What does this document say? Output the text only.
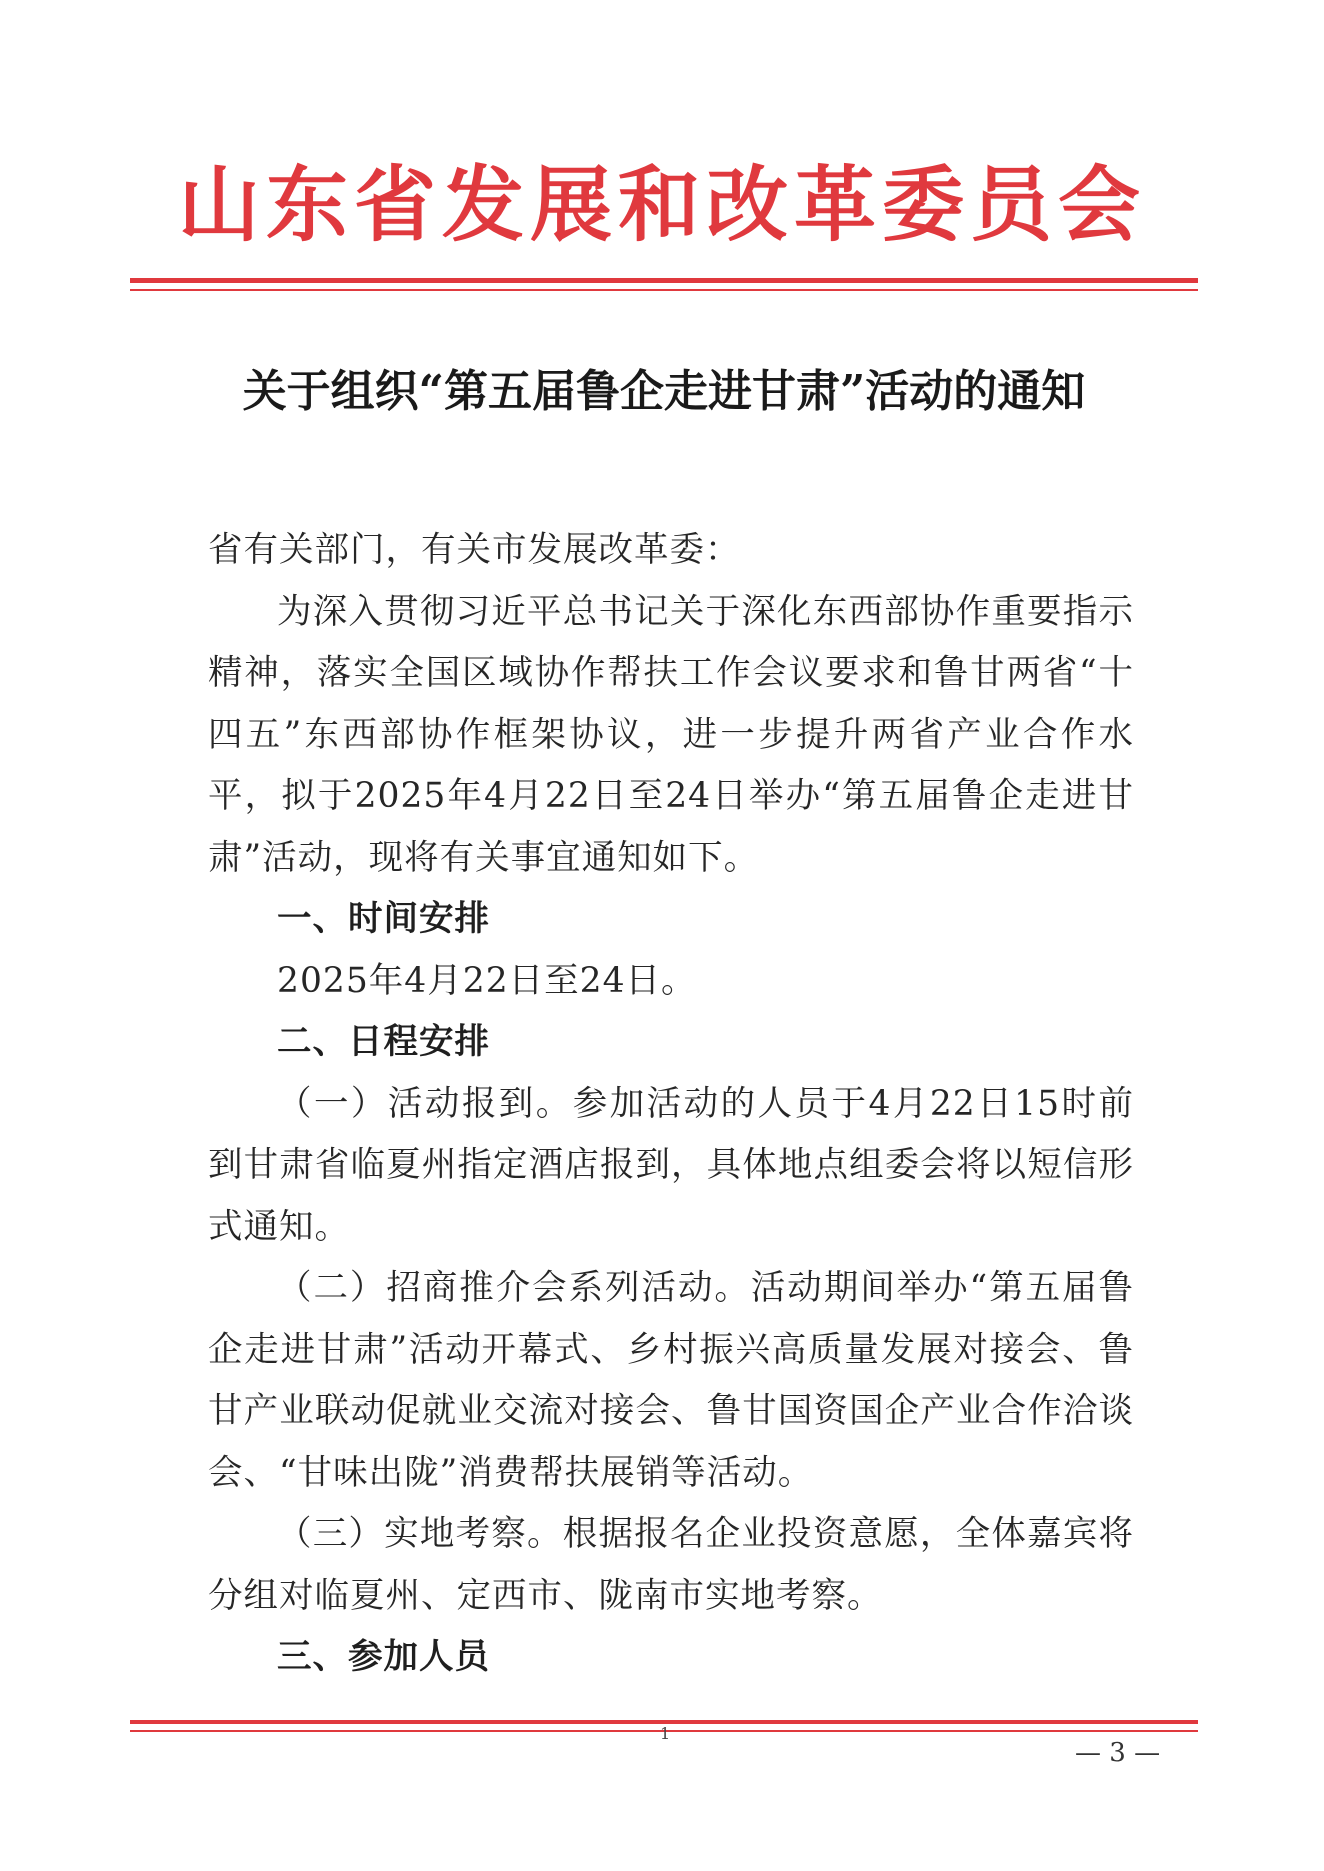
山东省发展和改革委员会
关于组织“第五届鲁企走进甘肃”活动的通知

省有关部门，有关市发展改革委：

为深入贯彻习近平总书记关于深化东西部协作重要指示精神，落实全国区域协作帮扶工作会议要求和鲁甘两省“十四五”东西部协作框架协议，进一步提升两省产业合作水平，拟于2025年4月22日至24日举办“第五届鲁企走进甘肃”活动，现将有关事宜通知如下。

一、时间安排

2025年4月22日至24日。

二、日程安排

（一）活动报到。参加活动的人员于4月22日15时前到甘肃省临夏州指定酒店报到，具体地点组委会将以短信形式通知。

（二）招商推介会系列活动。活动期间举办“第五届鲁企走进甘肃”活动开幕式、乡村振兴高质量发展对接会、鲁甘产业联动促就业交流对接会、鲁甘国资国企产业合作洽谈会、“甘味出陇”消费帮扶展销等活动。

（三）实地考察。根据报名企业投资意愿，全体嘉宾将分组对临夏州、定西市、陇南市实地考察。

三、参加人员

1
— 3 —
